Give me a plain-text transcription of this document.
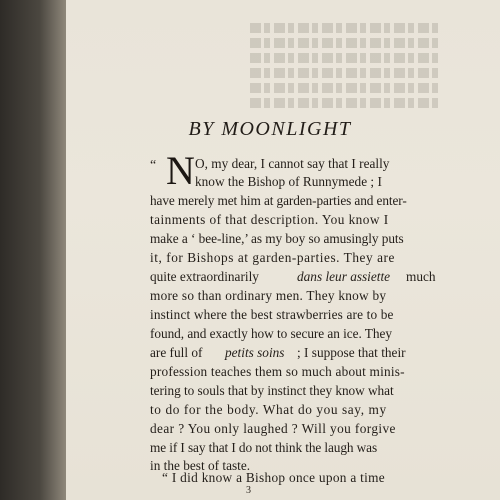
BY MOONLIGHT
“ N O, my dear, I cannot say that I really
know the Bishop of Runnymede ; I
have merely met him at garden-parties and enter-
tainments of that description. You know I
make a ‘ bee-line,’ as my boy so amusingly puts
it, for Bishops at garden-parties. They are
quite extraordinarily	dans leur assiette much
more so than ordinary men. They know by
instinct where the best strawberries are to be
found, and exactly how to secure an ice. They
are full of petits soins ; I suppose that their
profession teaches them so much about minis-
tering to souls that by instinct they know what
to do for the body. What do you say, my
dear ? You only laughed ? Will you forgive
me if I say that I do not think the laugh was
in the best of taste.
“ I did know a Bishop once upon a time
3
